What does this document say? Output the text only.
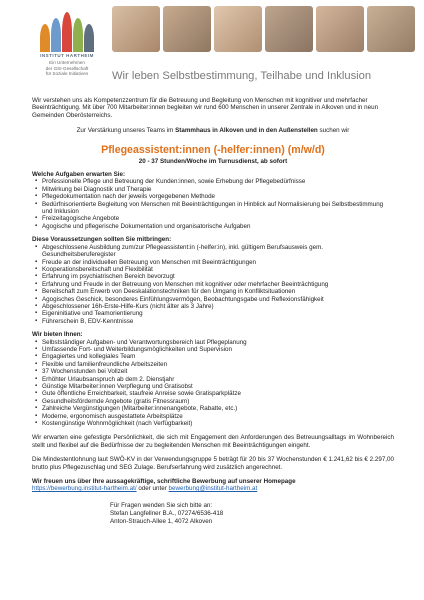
INSTITUT HARTHEIM
Ein Unternehmen
der GSI-Gesellschaft
für Soziale Initiativen	Wir leben Selbstbestimmung, Teilhabe und Inklusion
Wir verstehen uns als Kompetenzzentrum für die Betreuung und Begleitung von Menschen mit kognitiver und mehrfacher Beeinträchtigung. Mit über 700 Mitarbeiter:innen begleiten wir rund 600 Menschen in unserer Zentrale in Alkoven und in neun Gemeinden Oberösterreichs.
Zur Verstärkung unseres Teams im Stammhaus in Alkoven und in den Außenstellen suchen wir
Pflegeassistent:innen (-helfer:innen) (m/w/d)
20 - 37 Stunden/Woche im Turnusdienst, ab sofort
Welche Aufgaben erwarten Sie:
▪ Professionelle Pflege und Betreuung der Kunden:innen, sowie Erhebung der Pflegebedürfnisse
▪ Mitwirkung bei Diagnostik und Therapie
▪ Pflegedokumentation nach der jeweils vorgegebenen Methode
▪ Bedürfnisorientierte Begleitung von Menschen mit Beeinträchtigungen in Hinblick auf Normalisierung bei Selbstbestimmung und Inklusion
▪ Freizeitagogische Angebote
▪ Agogische und pflegerische Dokumentation und organisatorische Aufgaben
Diese Voraussetzungen sollten Sie mitbringen:
▪ Abgeschlossene Ausbildung zum/zur Pflegeassistent:in (-helfer:in), inkl. gültigem Berufsausweis gem. Gesundheitsberuferegister
▪ Freude an der individuellen Betreuung von Menschen mit Beeinträchtigungen
▪ Kooperationsbereitschaft und Flexibilität
▪ Erfahrung im psychiatrischen Bereich bevorzugt
▪ Erfahrung und Freude in der Betreuung von Menschen mit kognitiver oder mehrfacher Beeinträchtigung
▪ Bereitschaft zum Erwerb von Deeskalationstechniken für den Umgang in Konfliktsituationen
▪ Agogisches Geschick, besonderes Einfühlungsvermögen, Beobachtungsgabe und Reflexionsfähigkeit
▪ Abgeschlossener 16h-Erste-Hilfe-Kurs (nicht älter als 3 Jahre)
▪ Eigeninitiative und Teamorientierung
▪ Führerschein B, EDV-Kenntnisse
Wir bieten Ihnen:
▪ Selbstständiger Aufgaben- und Verantwortungsbereich laut Pflegeplanung
▪ Umfassende Fort- und Weiterbildungsmöglichkeiten und Supervision
▪ Engagiertes und kollegiales Team
▪ Flexible und familienfreundliche Arbeitszeiten
▪ 37 Wochenstunden bei Vollzeit
▪ Erhöhter Urlaubsanspruch ab dem 2. Dienstjahr
▪ Günstige Mitarbeiter:innen Verpflegung und Gratisobst
▪ Gute öffentliche Erreichbarkeit, staufreie Anreise sowie Gratisparkplätze
▪ Gesundheitsfördernde Angebote (gratis Fitnessraum)
▪ Zahlreiche Vergünstigungen (Mitarbeiter:innenangebote, Rabatte, etc.)
▪ Moderne, ergonomisch ausgestattete Arbeitsplätze
▪ Kostengünstige Wohnmöglichkeit (nach Verfügbarkeit)
Wir erwarten eine gefestigte Persönlichkeit, die sich mit Engagement den Anforderungen des Betreuungsalltags im Wohnbereich stellt und flexibel auf die Bedürfnisse der zu begleitenden Menschen mit Beeinträchtigungen eingeht.
Die Mindestentlohnung laut SWÖ-KV in der Verwendungsgruppe 5 beträgt für 20 bis 37 Wochenstunden € 1.241,62 bis € 2.297,00 brutto plus Pflegezuschlag und SEG Zulage. Berufserfahrung wird zusätzlich angerechnet.
Wir freuen uns über Ihre aussagekräftige, schriftliche Bewerbung auf unserer Homepage
https://bewerbung.institut-hartheim.at/ oder unter bewerbung@institut-hartheim.at
Für Fragen wenden Sie sich bitte an:
Stefan Langfellner B.A., 07274/6536-418
Anton-Strauch-Allee 1, 4072 Alkoven
